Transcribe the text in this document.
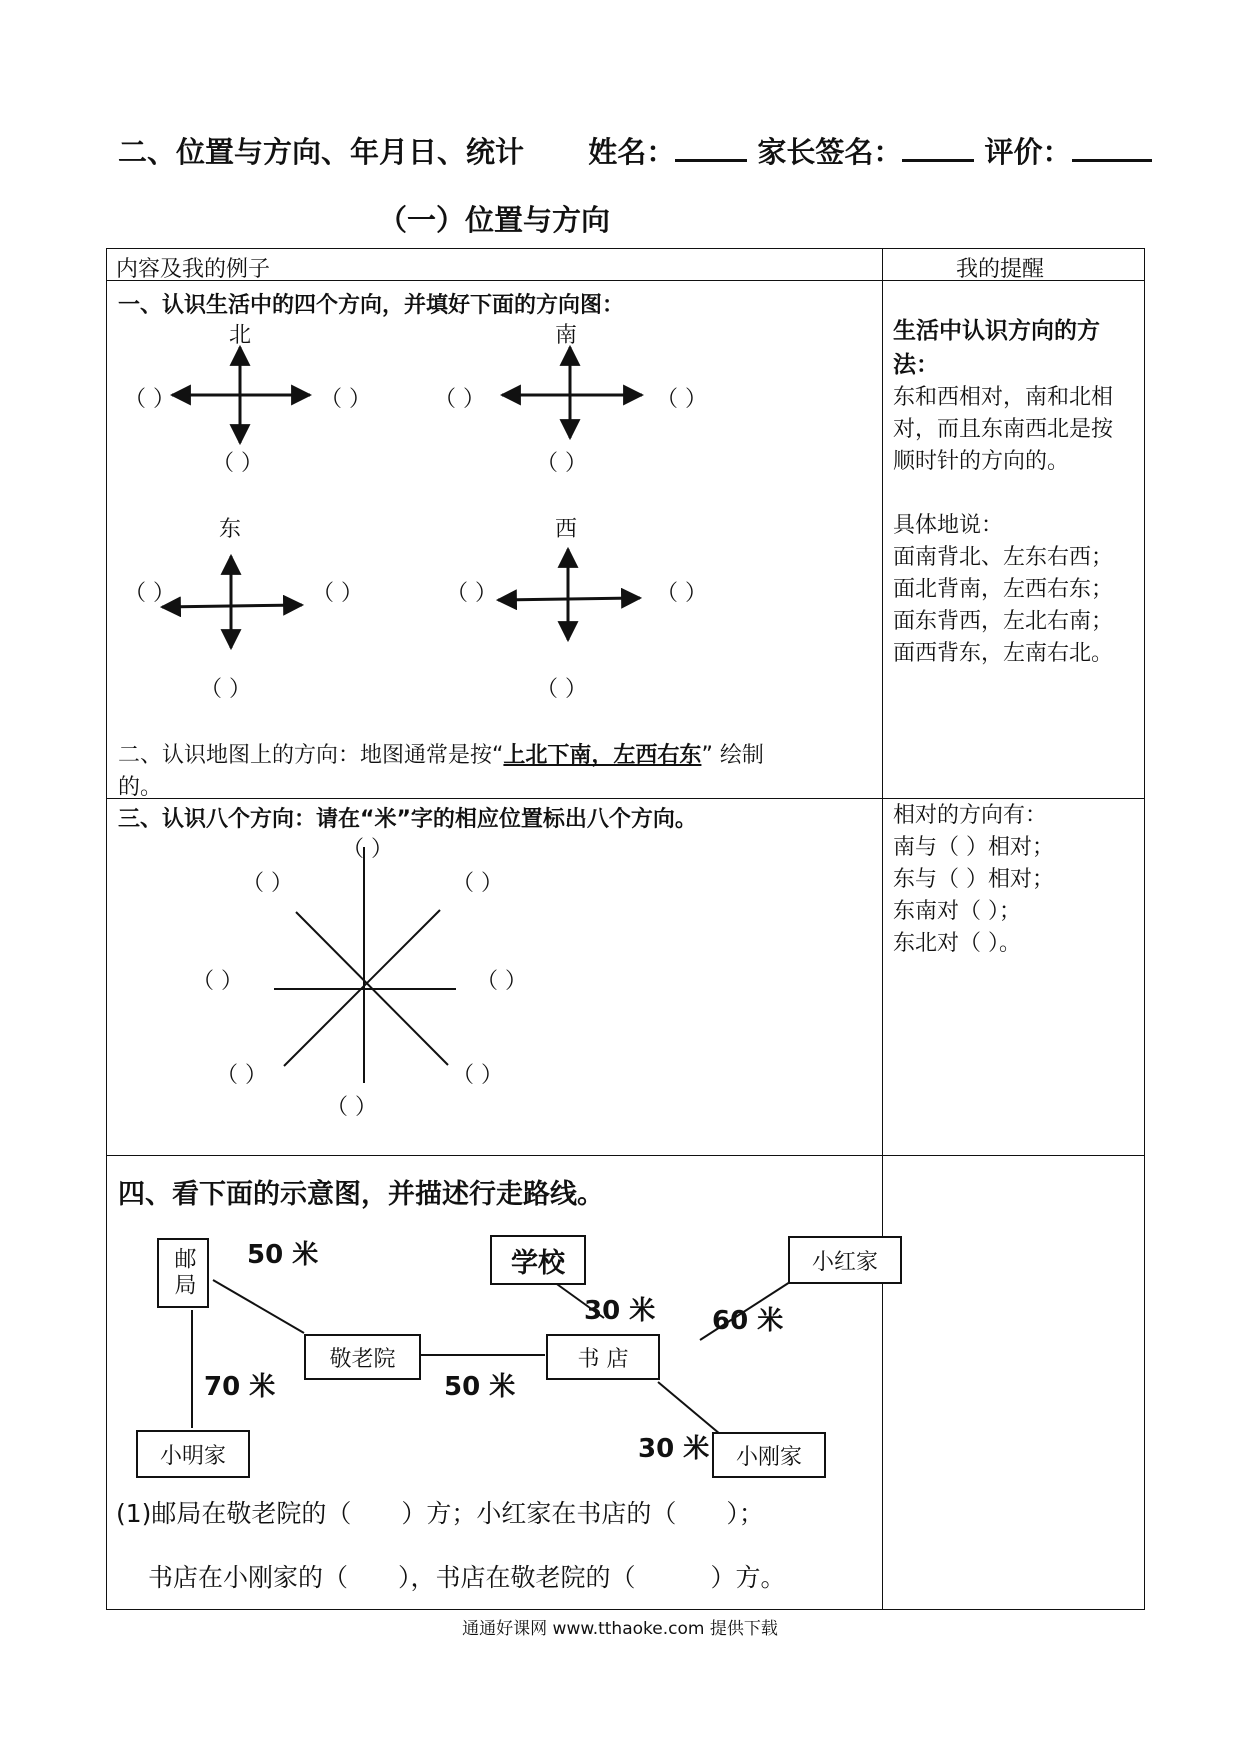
二、位置与方向、年月日、统计 姓名：	家长签名：	评价：
（一）位置与方向
内容及我的例子	我的提醒
一、认识生活中的四个方向，并填好下面的方向图：
北
（ ）	（ ）
（ ）
南
（ ）	（ ）
（ ）
东
（ ）	（ ）
（ ）
西
（ ）	（ ）
（ ）
二、认识地图上的方向：地图通常是按“上北下南，左西右东” 绘制
的。
生活中认识方向的方
法：
东和西相对，南和北相
对，而且东南西北是按
顺时针的方向的。
具体地说：
面南背北、左东右西；
面北背南，左西右东；
面东背西，左北右南；
面西背东，左南右北。
三、认识八个方向：请在“米”字的相应位置标出八个方向。
（ ）
（ ）	（ ）
（ ）	（ ）
（ ）	（ ）
（ ）
相对的方向有：
南与（ ）相对；
东与（ ）相对；
东南对（ ）；
东北对（ ）。
四、看下面的示意图，并描述行走路线。
邮局	学校	小红家
敬老院	书 店
小明家	小刚家
50 米
30 米 60 米
70 米	50 米
30 米
(1)邮局在敬老院的（　　）方；小红家在书店的（　　）；
书店在小刚家的（　　），书店在敬老院的（　　　）方。
通通好课网 www.tthaoke.com 提供下载
